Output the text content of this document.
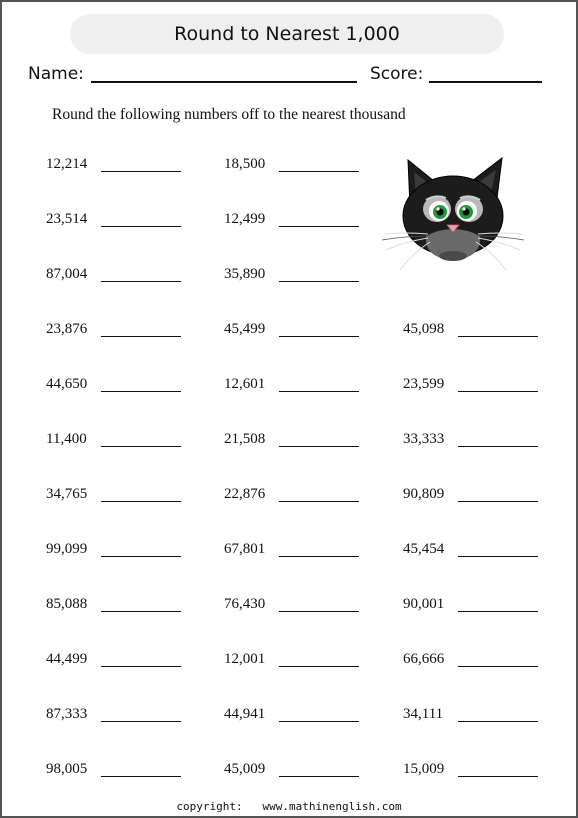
Round to Nearest 1,000
Name:	Score:
Round the following numbers off to the nearest thousand
12,214
23,514
87,004
23,876
44,650
11,400
34,765
99,099
85,088
44,499
87,333
98,005
18,500
12,499
35,890
45,499
12,601
21,508
22,876
67,801
76,430
12,001
44,941
45,009
45,098
23,599
33,333
90,809
45,454
90,001
66,666
34,111
15,009
copyright: www.mathinenglish.com
